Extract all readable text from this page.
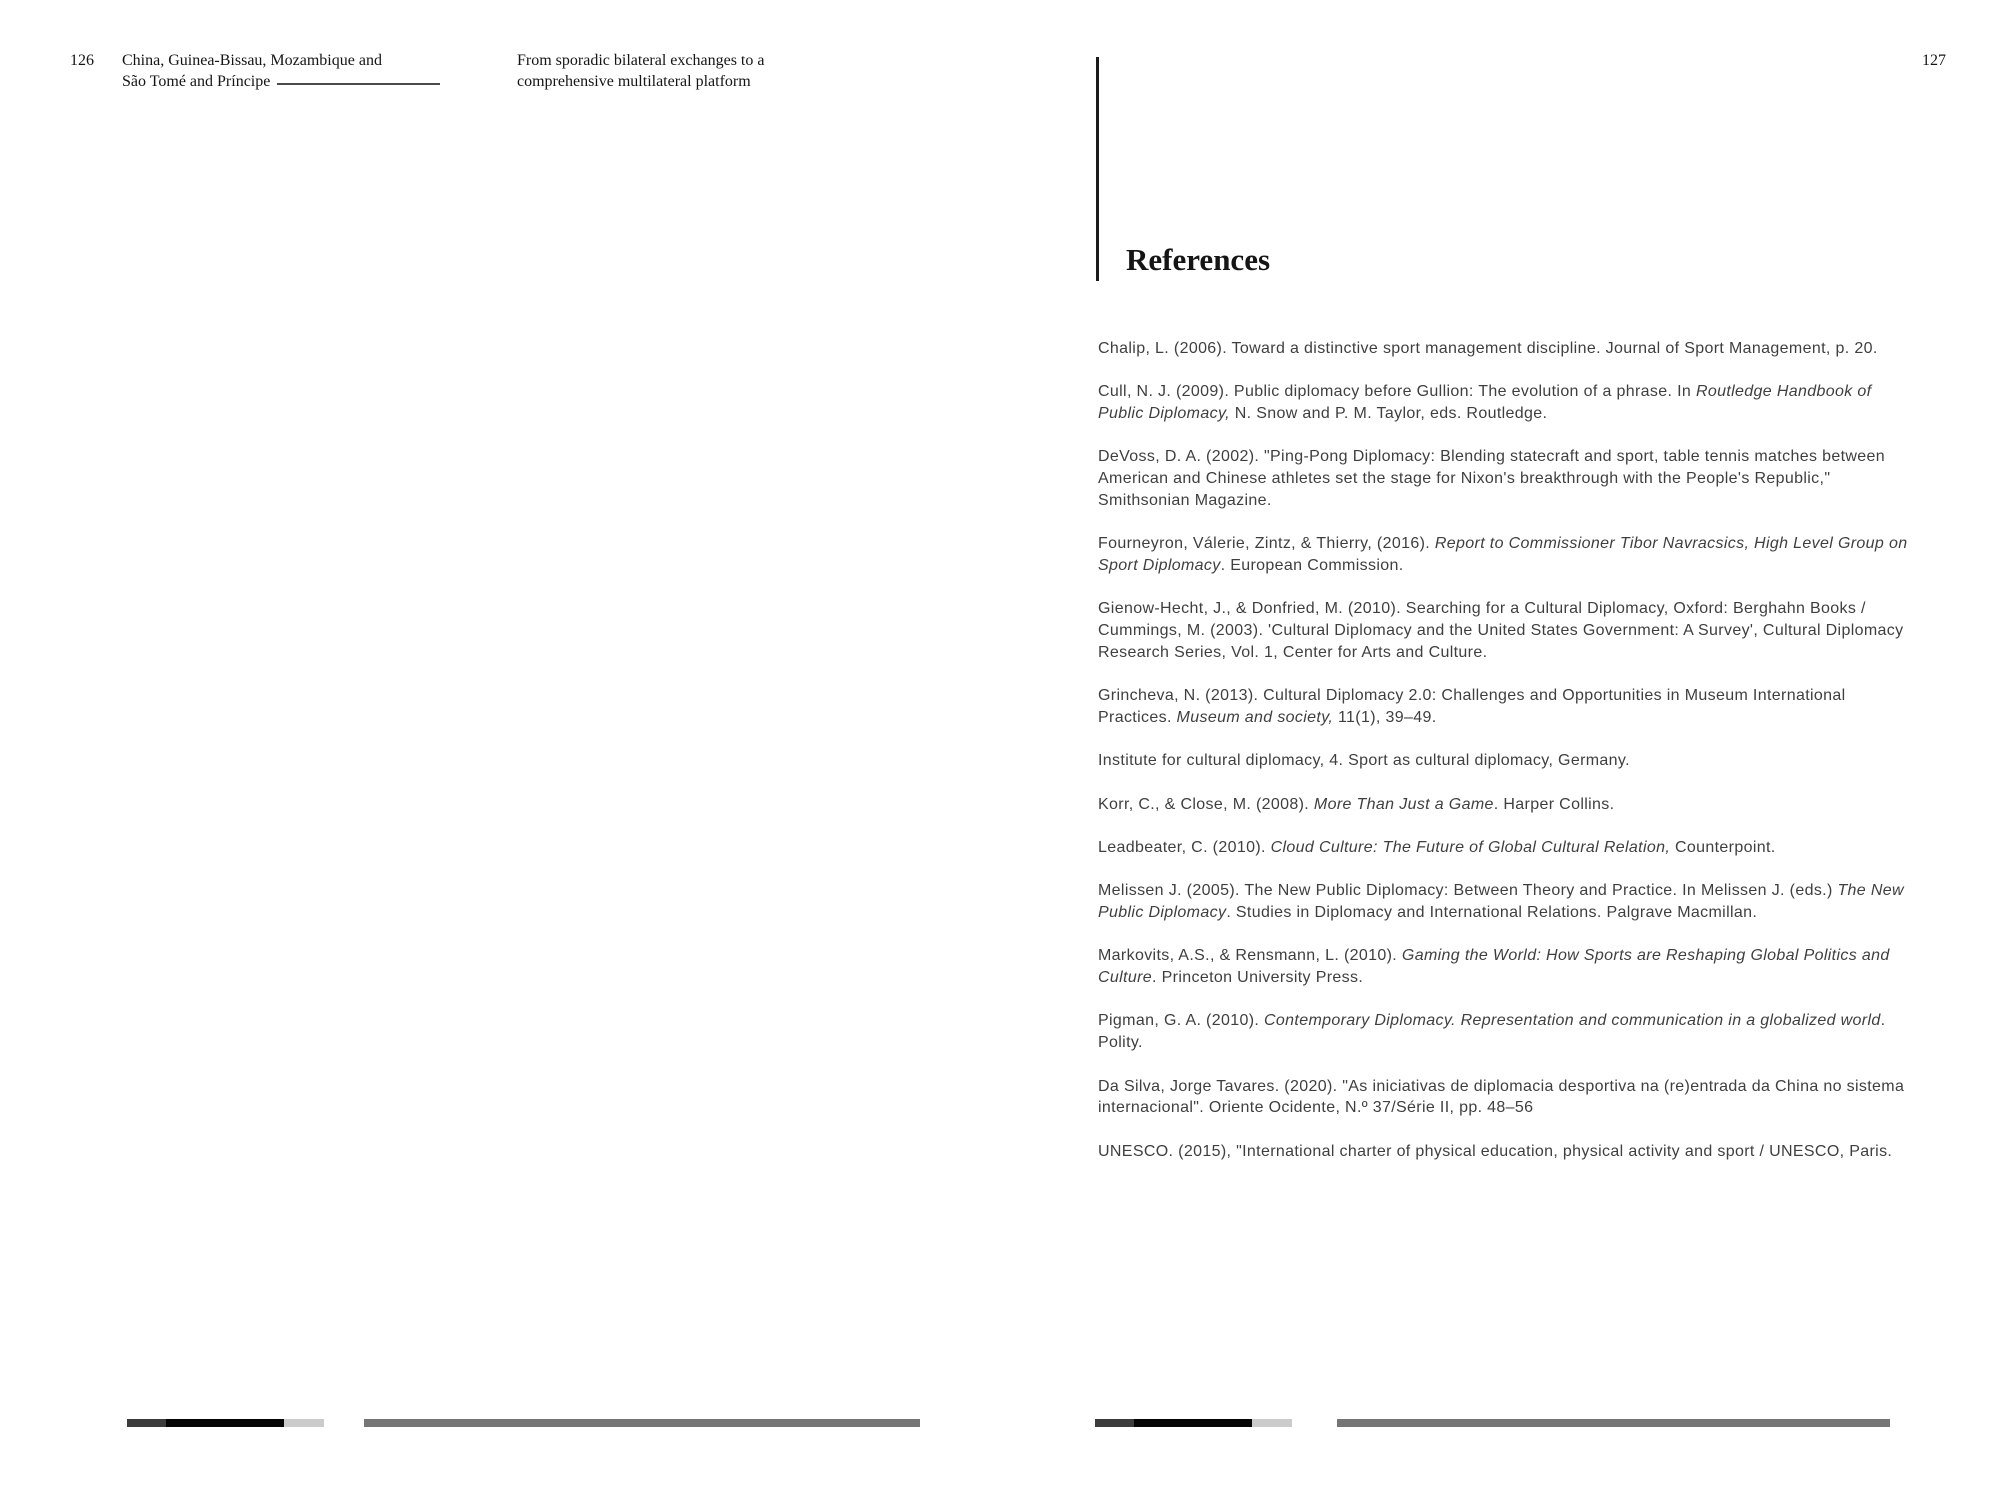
126 China, Guinea-Bissau, Mozambique and
São Tomé and Príncipe
From sporadic bilateral exchanges to a
comprehensive multilateral platform
127
References

Chalip, L. (2006). Toward a distinctive sport management discipline. Journal of Sport Management, p. 20.

Cull, N. J. (2009). Public diplomacy before Gullion: The evolution of a phrase. In Routledge Handbook of Public Diplomacy, N. Snow and P. M. Taylor, eds. Routledge.

DeVoss, D. A. (2002). "Ping-Pong Diplomacy: Blending statecraft and sport, table tennis matches between American and Chinese athletes set the stage for Nixon's breakthrough with the People's Republic," Smithsonian Magazine.

Fourneyron, Válerie, Zintz, & Thierry, (2016). Report to Commissioner Tibor Navracsics, High Level Group on Sport Diplomacy. European Commission.

Gienow-Hecht, J., & Donfried, M. (2010). Searching for a Cultural Diplomacy, Oxford: Berghahn Books / Cummings, M. (2003). 'Cultural Diplomacy and the United States Government: A Survey', Cultural Diplomacy Research Series, Vol. 1, Center for Arts and Culture.

Grincheva, N. (2013). Cultural Diplomacy 2.0: Challenges and Opportunities in Museum International Practices. Museum and society, 11(1), 39–49.

Institute for cultural diplomacy, 4. Sport as cultural diplomacy, Germany.

Korr, C., & Close, M. (2008). More Than Just a Game. Harper Collins.

Leadbeater, C. (2010). Cloud Culture: The Future of Global Cultural Relation, Counterpoint.

Melissen J. (2005). The New Public Diplomacy: Between Theory and Practice. In Melissen J. (eds.) The New Public Diplomacy. Studies in Diplomacy and International Relations. Palgrave Macmillan.

Markovits, A.S., & Rensmann, L. (2010). Gaming the World: How Sports are Reshaping Global Politics and Culture. Princeton University Press.

Pigman, G. A. (2010). Contemporary Diplomacy. Representation and communication in a globalized world. Polity.

Da Silva, Jorge Tavares. (2020). "As iniciativas de diplomacia desportiva na (re)entrada da China no sistema internacional". Oriente Ocidente, N.º 37/Série II, pp. 48–56

UNESCO. (2015), "International charter of physical education, physical activity and sport / UNESCO, Paris.
